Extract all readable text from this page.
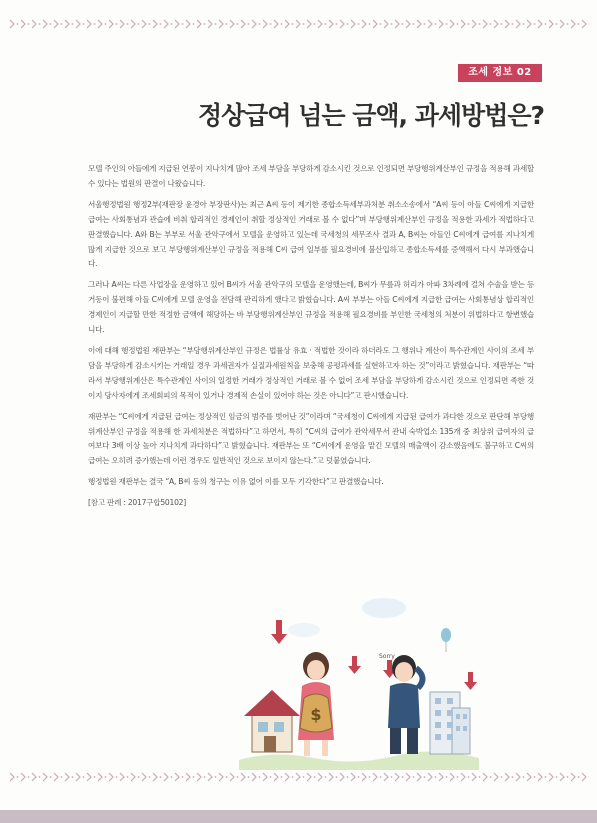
조세 정보 02
정상급여 넘는 금액, 과세방법은?

모텔 주인의 아들에게 지급된 연봉이 지나치게 많아 조세 부담을 부당하게 감소시킨 것으로 인정되면 부당행위계산부인 규정을 적용해 과세할 수 있다는 법원의 판결이 나왔습니다.

서울행정법원 행정2부(재판장 윤경아 부장판사)는 최근 A씨 등이 제기한 종합소득세부과처분 취소소송에서 “A씨 등이 아들 C씨에게 지급한 급여는 사회통념과 관습에 비춰 합리적인 경제인이 취할 정상적인 거래로 볼 수 없다”며 부당행위계산부인 규정을 적용한 과세가 적법하다고 판결했습니다. A와 B는 부부로 서울 관악구에서 모텔을 운영하고 있는데 국세청의 세무조사 결과 A, B씨는 아들인 C씨에게 급여를 지나치게 많게 지급한 것으로 보고 부당행위계산부인 규정을 적용해 C씨 급여 일부를 필요경비에 불산입하고 종합소득세를 증액해서 다시 부과했습니다.

그러나 A씨는 다른 사업장을 운영하고 있어 B씨가 서울 관악구의 모텔을 운영했는데, B씨가 무릎과 허리가 아파 3차례에 걸쳐 수술을 받는 등 거동이 불편해 아들 C씨에게 모텔 운영을 전담해 관리하게 했다고 밝혔습니다. A씨 부부는 아들 C씨에게 지급한 급여는 사회통념상 합리적인 경제인이 지급할 만한 적정한 금액에 해당하는 바 부당행위계산부인 규정을 적용해 필요경비를 부인한 국세청의 처분이 위법하다고 항변했습니다.

이에 대해 행정법원 재판부는 “부당행위계산부인 규정은 법률상 유효 · 적법한 것이라 하더라도 그 행위나 계산이 특수관계인 사이의 조세 부담을 부당하게 감소시키는 거래일 경우 과세권자가 실질과세원칙을 보충해 공평과세를 실현하고자 하는 것”이라고 밝혔습니다. 재판부는 “따라서 부당행위계산은 특수관계인 사이의 일정한 거래가 정상적인 거래로 볼 수 없어 조세 부담을 부당하게 감소시킨 것으로 인정되면 족한 것이지 당사자에게 조세회피의 목적이 있거나 경제적 손실이 있어야 하는 것은 아니다”고 판시했습니다.

재판부는 “C씨에게 지급된 급여는 정상적인 임금의 범주를 벗어난 것”이라며 “국세청이 C씨에게 지급된 급여가 과다한 것으로 판단해 부당행위계산부인 규정을 적용해 한 과세처분은 적법하다”고 하면서, 특히 “C씨의 급여가 관악세무서 관내 숙박업소 135개 중 최상위 급여자의 급여보다 3배 이상 높아 지나치게 과다하다”고 밝혔습니다. 재판부는 또 “C씨에게 운영을 맡긴 모텔의 매출액이 감소했음에도 불구하고 C씨의 급여는 오히려 증가했는데 이런 경우도 일반적인 것으로 보이지 않는다.”고 덧붙였습니다.

행정법원 재판부는 결국 “A, B씨 등의 청구는 이유 없어 이를 모두 기각한다”고 판결했습니다.

[참고 판례 : 2017구합50102]

$
Sorry
